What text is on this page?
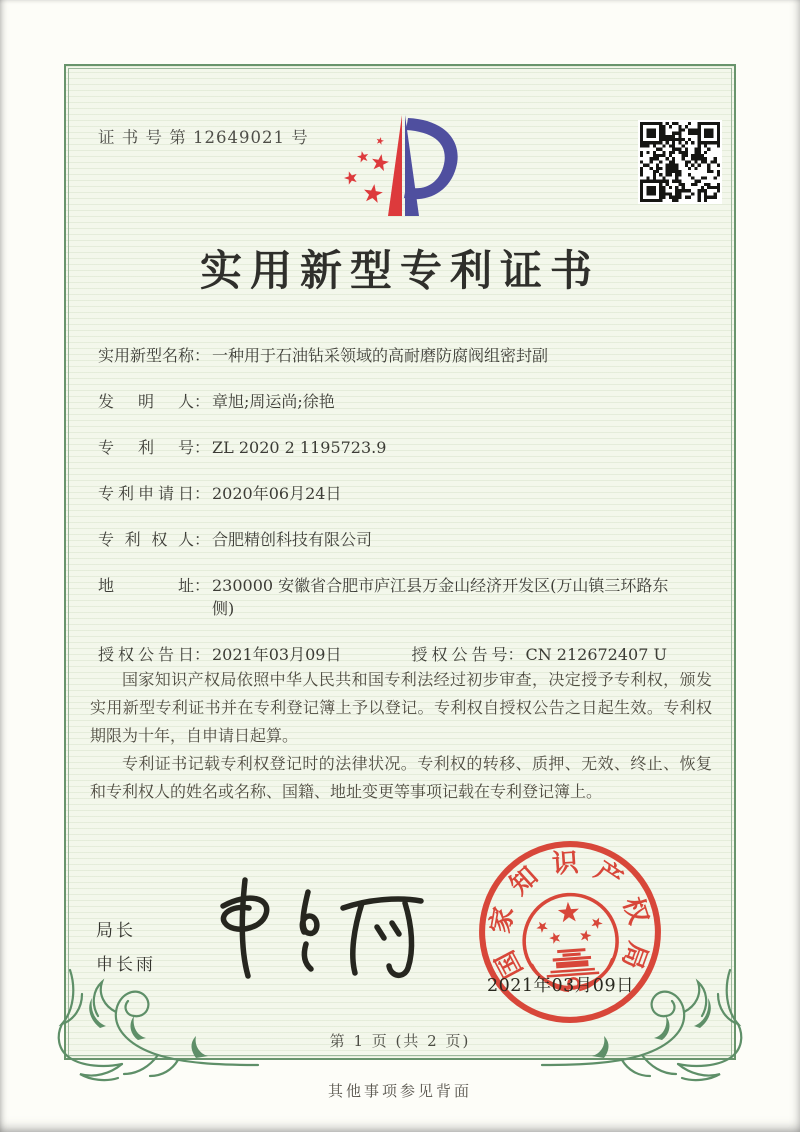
证 书 号 第 12649021 号
实用新型专利证书
实用新型名称 ： 一种用于石油钻采领域的高耐磨防腐阀组密封副
发明人 ： 章旭;周运尚;徐艳
专利号 ： ZL 2020 2 1195723.9
专利申请日 ： 2020年06月24日
专利权人 ： 合肥精创科技有限公司
地址 ： 230000 安徽省合肥市庐江县万金山经济开发区(万山镇三环路东侧)
授权公告日 ： 2021年03月09日	授权公告号 ： CN 212672407 U

国家知识产权局依照中华人民共和国专利法经过初步审查，决定授予专利权，颁发实用新型专利证书并在专利登记簿上予以登记。专利权自授权公告之日起生效。专利权期限为十年，自申请日起算。

专利证书记载专利权登记时的法律状况。专利权的转移、质押、无效、终止、恢复和专利权人的姓名或名称、国籍、地址变更等事项记载在专利登记簿上。

局长
申长雨	国
家
知 识 产
权
局
2021年03月09日
第 1 页 (共 2 页)
其他事项参见背面
